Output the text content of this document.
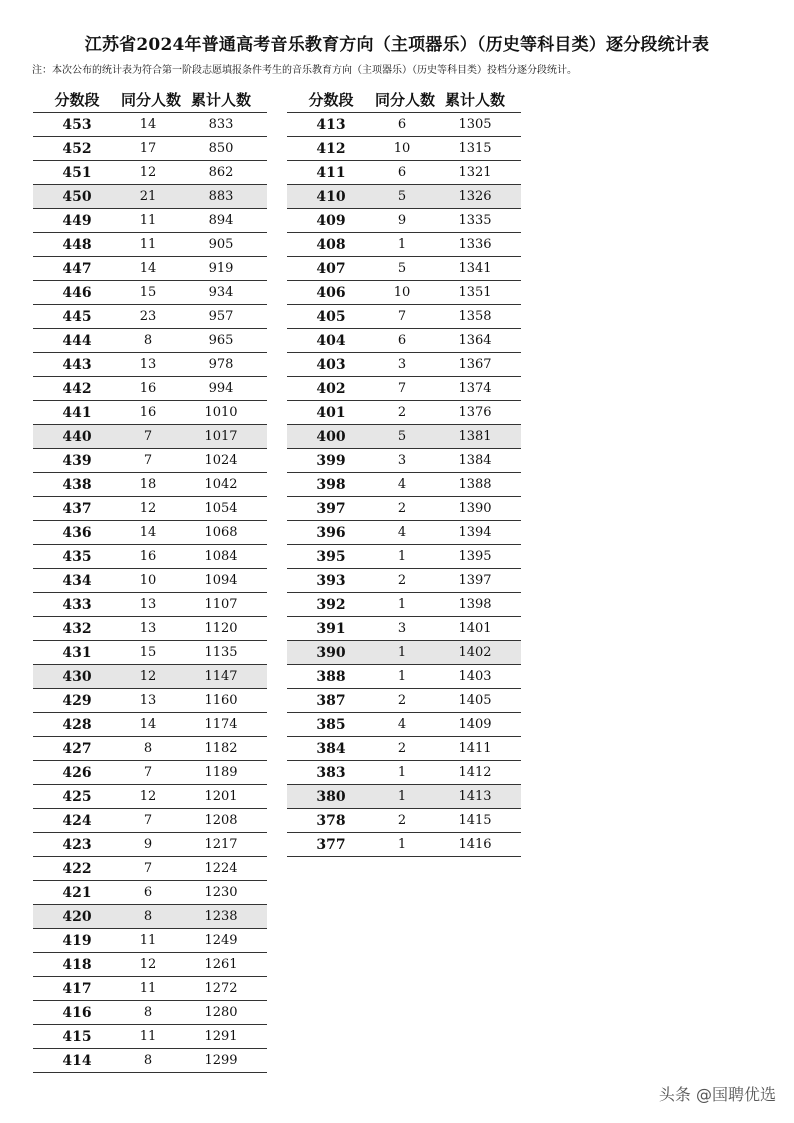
江苏省2024年普通高考音乐教育方向（主项器乐）（历史等科目类）逐分段统计表
注：本次公布的统计表为符合第一阶段志愿填报条件考生的音乐教育方向（主项器乐）（历史等科目类）投档分逐分段统计。
分数段	同分人数 累计人数
453	14	833
452	17	850
451	12	862
450	21	883
449	11	894
448	11	905
447	14	919
446	15	934
445	23	957
444	8	965
443	13	978
442	16	994
441	16	1010
440	7	1017
439	7	1024
438	18	1042
437	12	1054
436	14	1068
435	16	1084
434	10	1094
433	13	1107
432	13	1120
431	15	1135
430	12	1147
429	13	1160
428	14	1174
427	8	1182
426	7	1189
425	12	1201
424	7	1208
423	9	1217
422	7	1224
421	6	1230
420	8	1238
419	11	1249
418	12	1261
417	11	1272
416	8	1280
415	11	1291
414	8	1299
分数段	同分人数 累计人数
413	6	1305
412	10	1315
411	6	1321
410	5	1326
409	9	1335
408	1	1336
407	5	1341
406	10	1351
405	7	1358
404	6	1364
403	3	1367
402	7	1374
401	2	1376
400	5	1381
399	3	1384
398	4	1388
397	2	1390
396	4	1394
395	1	1395
393	2	1397
392	1	1398
391	3	1401
390	1	1402
388	1	1403
387	2	1405
385	4	1409
384	2	1411
383	1	1412
380	1	1413
378	2	1415
377	1	1416
头条 @国聘优选
